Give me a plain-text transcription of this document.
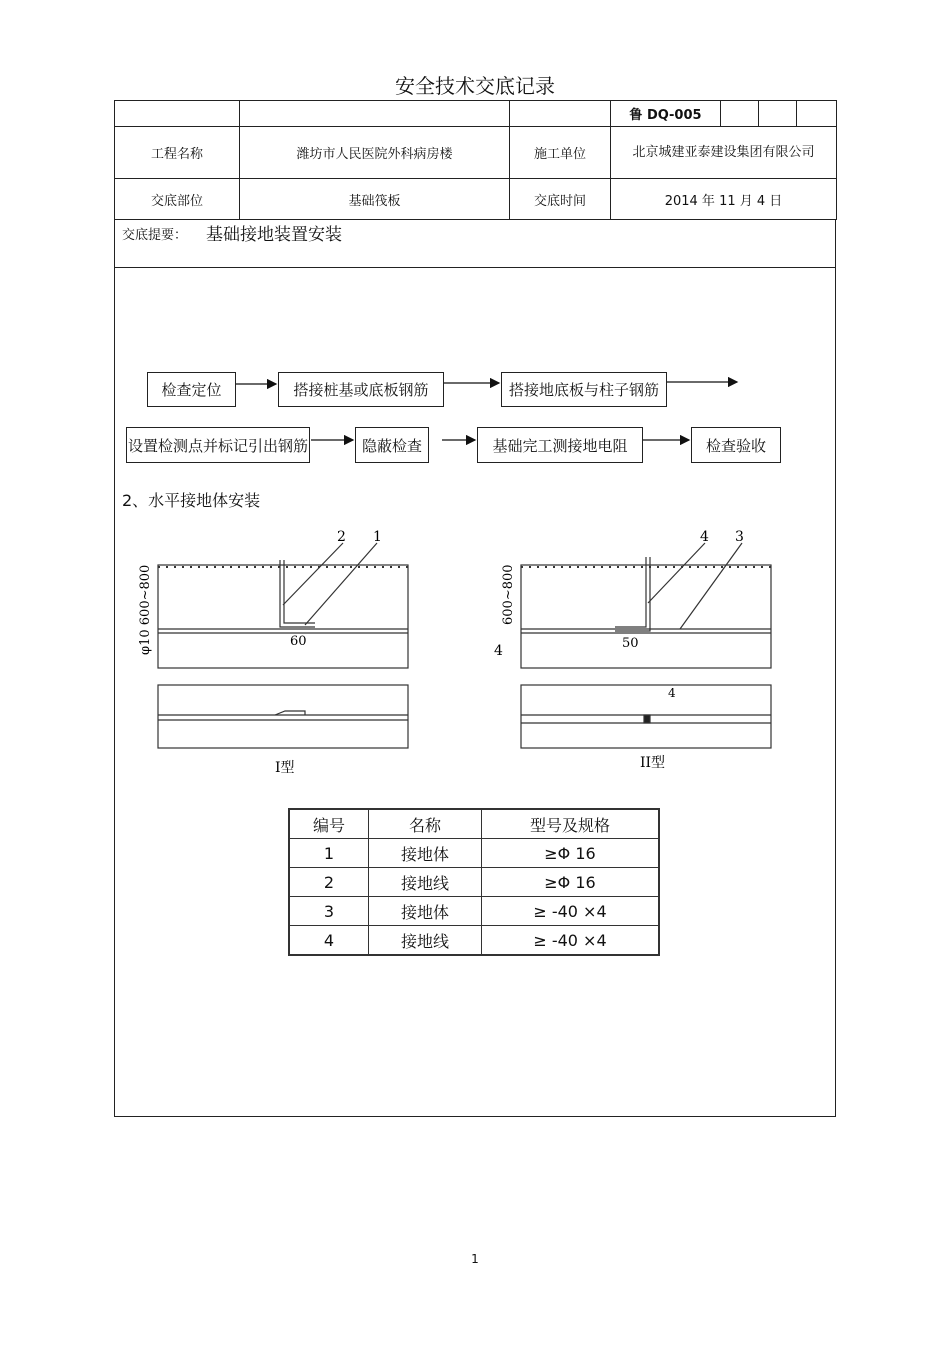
安全技术交底记录
			鲁 DQ-005			
工程名称	潍坊市人民医院外科病房楼	施工单位	北京城建亚泰建设集团有限公司			
交底部位	基础筏板	交底时间	2014 年 11 月 4 日			
交底提要： 基础接地装置安装
检查定位	搭接桩基或底板钢筋	搭接地底板与柱子钢筋
设置检测点并标记引出钢筋	隐蔽检查	基础完工测接地电阻	检查验收
2、水平接地体安装
2 1
60
φ10 600~800
I型
4 3
4
4
50
600~800
II型
编号	名称	型号及规格
1	接地体	≥Φ 16
2	接地线	≥Φ 16
3	接地体	≥ -40 ×4
4	接地线	≥ -40 ×4
1
